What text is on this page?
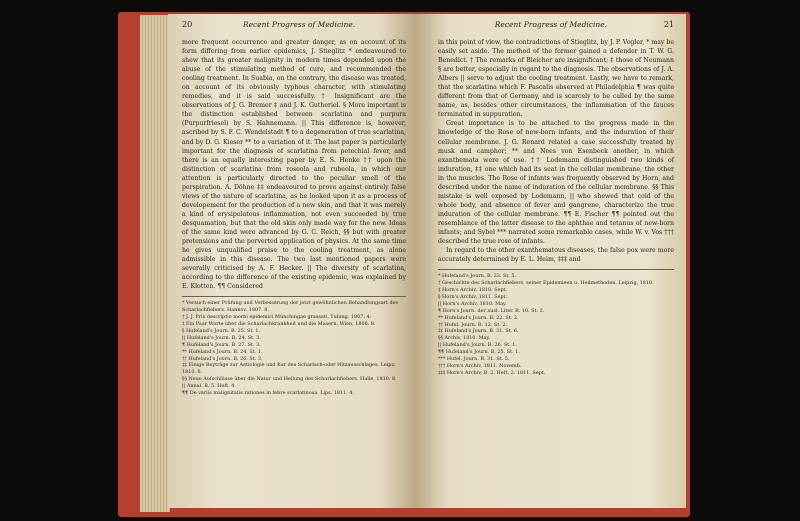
20	Recent Progress of Medicine.

more frequent occurrence and greater danger, as on account of its form differing from earlier epidemics, J. Stieglitz * endeavoured to shew that its greater malignity in modern times depended upon the abuse of the stimulating method of cure, and recommended the cooling treatment. In Suabia, on the contrary, the disease was treated, on account of its obviously typhous character, with stimulating remedies, and it is said successfully. † Insignificant are the observations of J. G. Bremer ‡ and J. K. Gutheriel. § More important is the distinction established between scarlatina and purpura (Purpurfriesel) by S. Hahnemann. || This difference is, however, ascribed by S. F. C. Wendelstadt ¶ to a degeneration of true scarlatina, and by D. G. Kieser ** to a variation of it. The last paper is particularly important for the diagnosis of scarlatina from petechial fever, and there is an equally interesting paper by E. S. Henke †† upon the distinction of scarlatina from roseola and rubeola, in which our attention is particularly directed to the peculiar smell of the perspiration. A. Döhne ‡‡ endeavoured to prove against entirely false views of the nature of scarlatina, as he looked upon it as a process of developement for the production of a new skin, and that it was merely a kind of erysipelatous inflammation, not even succeeded by true desquamation, but that the old skin only made way for the new. Ideas of the same kind were advanced by G. C. Reich, §§ but with greater pretensions and the perverted application of physics. At the same time he gives unqualified praise to the cooling treatment, as alone admissible in this disease. The two last mentioned papers were severally criticised by A. F. Hecker. || The diversity of scarlatina, according to the difference of the existing epidemic, was explained by E. Klotten. ¶¶ Considered

* Versuch einer Prüfung und Verbesserung der jetzt gewöhnlichen Behandlungsart des Scharlachfiebers. Hannov. 1807. 8.
† J. J. Prix descriptio morbi epidemici Münchingae grassati. Tubing. 1807. 4.
‡ Ein Paar Worte über die Scharlachkrankheit und die Masern. Wien, 1806. 8.
§ Hufeland's Journ. B. 25. St. 1.
|| Hufeland's Journ. B. 24. St. 3.
¶ Hufeland's Journ. B. 27. St. 3.
** Hufeland's Journ. B. 24. St. 1.
†† Hufeland's Journ. B. 26. St. 3.
‡‡ Einige Beyträge zur Aetiologie und Kur des Scharlach-oder Hitzausschlages. Leipz. 1810. 8.
§§ Neue Aufschlüsse über die Natur und Heilung des Scharlachfiebers. Halle, 1810. 8.
|| Annal. B. 5. Heft. 4.
¶¶ De variis malignitatis rationes in febre scarlatinosa. Lips. 1811. 4.
Recent Progress of Medicine.	21

in this point of view, the contradictions of Stieglitz, by J. P. Vogler, * may be easily set aside. The method of the former gained a defender in T. W. G. Benedict. † The remarks of Bleicher are insignificant; ‡ those of Neumann § are better, especially in regard to the diagnosis. The observations of J. A. Albers || serve to adjust the cooling treatment. Lastly, we have to remark, that the scarlatina which F. Pascalis observed at Philadelphia ¶ was quite different from that of Germany, and is scarcely to be called by the same name, as, besides other circumstances, the inflammation of the fauces terminated in suppuration.

Great importance is to be attached to the progress made in the knowledge of the Rose of new-born infants, and the induration of their cellular membrane. J. G. Renard related a case successfully treated by musk and camphor; ** and Nees von Esenbeck another, in which exanthemata were of use. †† Lodemann distinguished two kinds of induration, ‡‡ one which had its seat in the cellular membrane, the other in the muscles. The Rose of infants was frequently observed by Horn, and described under the name of induration of the cellular membrane. §§ This mistake is well exposed by Lodemann, || who shewed that cold of the whole body, and absence of fever and gangrene, characterize the true induration of the cellular membrane. ¶¶ E. Fischer ¶¶ pointed out the resemblance of the latter disease to the aphthae and tetanus of new-born infants; and Sybel *** narrated some remarkable cases, while W. v. Vos ††† described the true rose of infants.

In regard to the other exanthematous diseases, the false pox were more accurately determined by E. L. Heim, ‡‡‡ and

* Hufeland's Journ. B. 33. St. 5.
† Geschichte des Scharlachfiebers, seiner Epidemieen u. Heilmethoden. Leipzig, 1810.
‡ Horn's Archiv, 1810. Sept.
§ Horn's Archiv, 1811. Sept.
|| Horn's Archiv, 1810. May.
¶ Horn's Journ. der ausl. Liter. B. 10. St. 2.
** Hufeland's Journ. B. 22. St. 2.
†† Hufel. Journ. B. 12. St. 2.
‡‡ Hufeland's Journ. B. 31. St. 6.
§§ Archiv, 1810. May.
|| Hufeland's Journ. B. 26. St. 1.
¶¶ Hufeland's Journ. B. 25. St. 1.
*** Hufel. Journ. B. 31. St. 5.
††† Horn's Archiv, 1811. Novemb.
‡‡‡ Horn's Archiv, B. 2. Heft. 2. 1811. Sept.
